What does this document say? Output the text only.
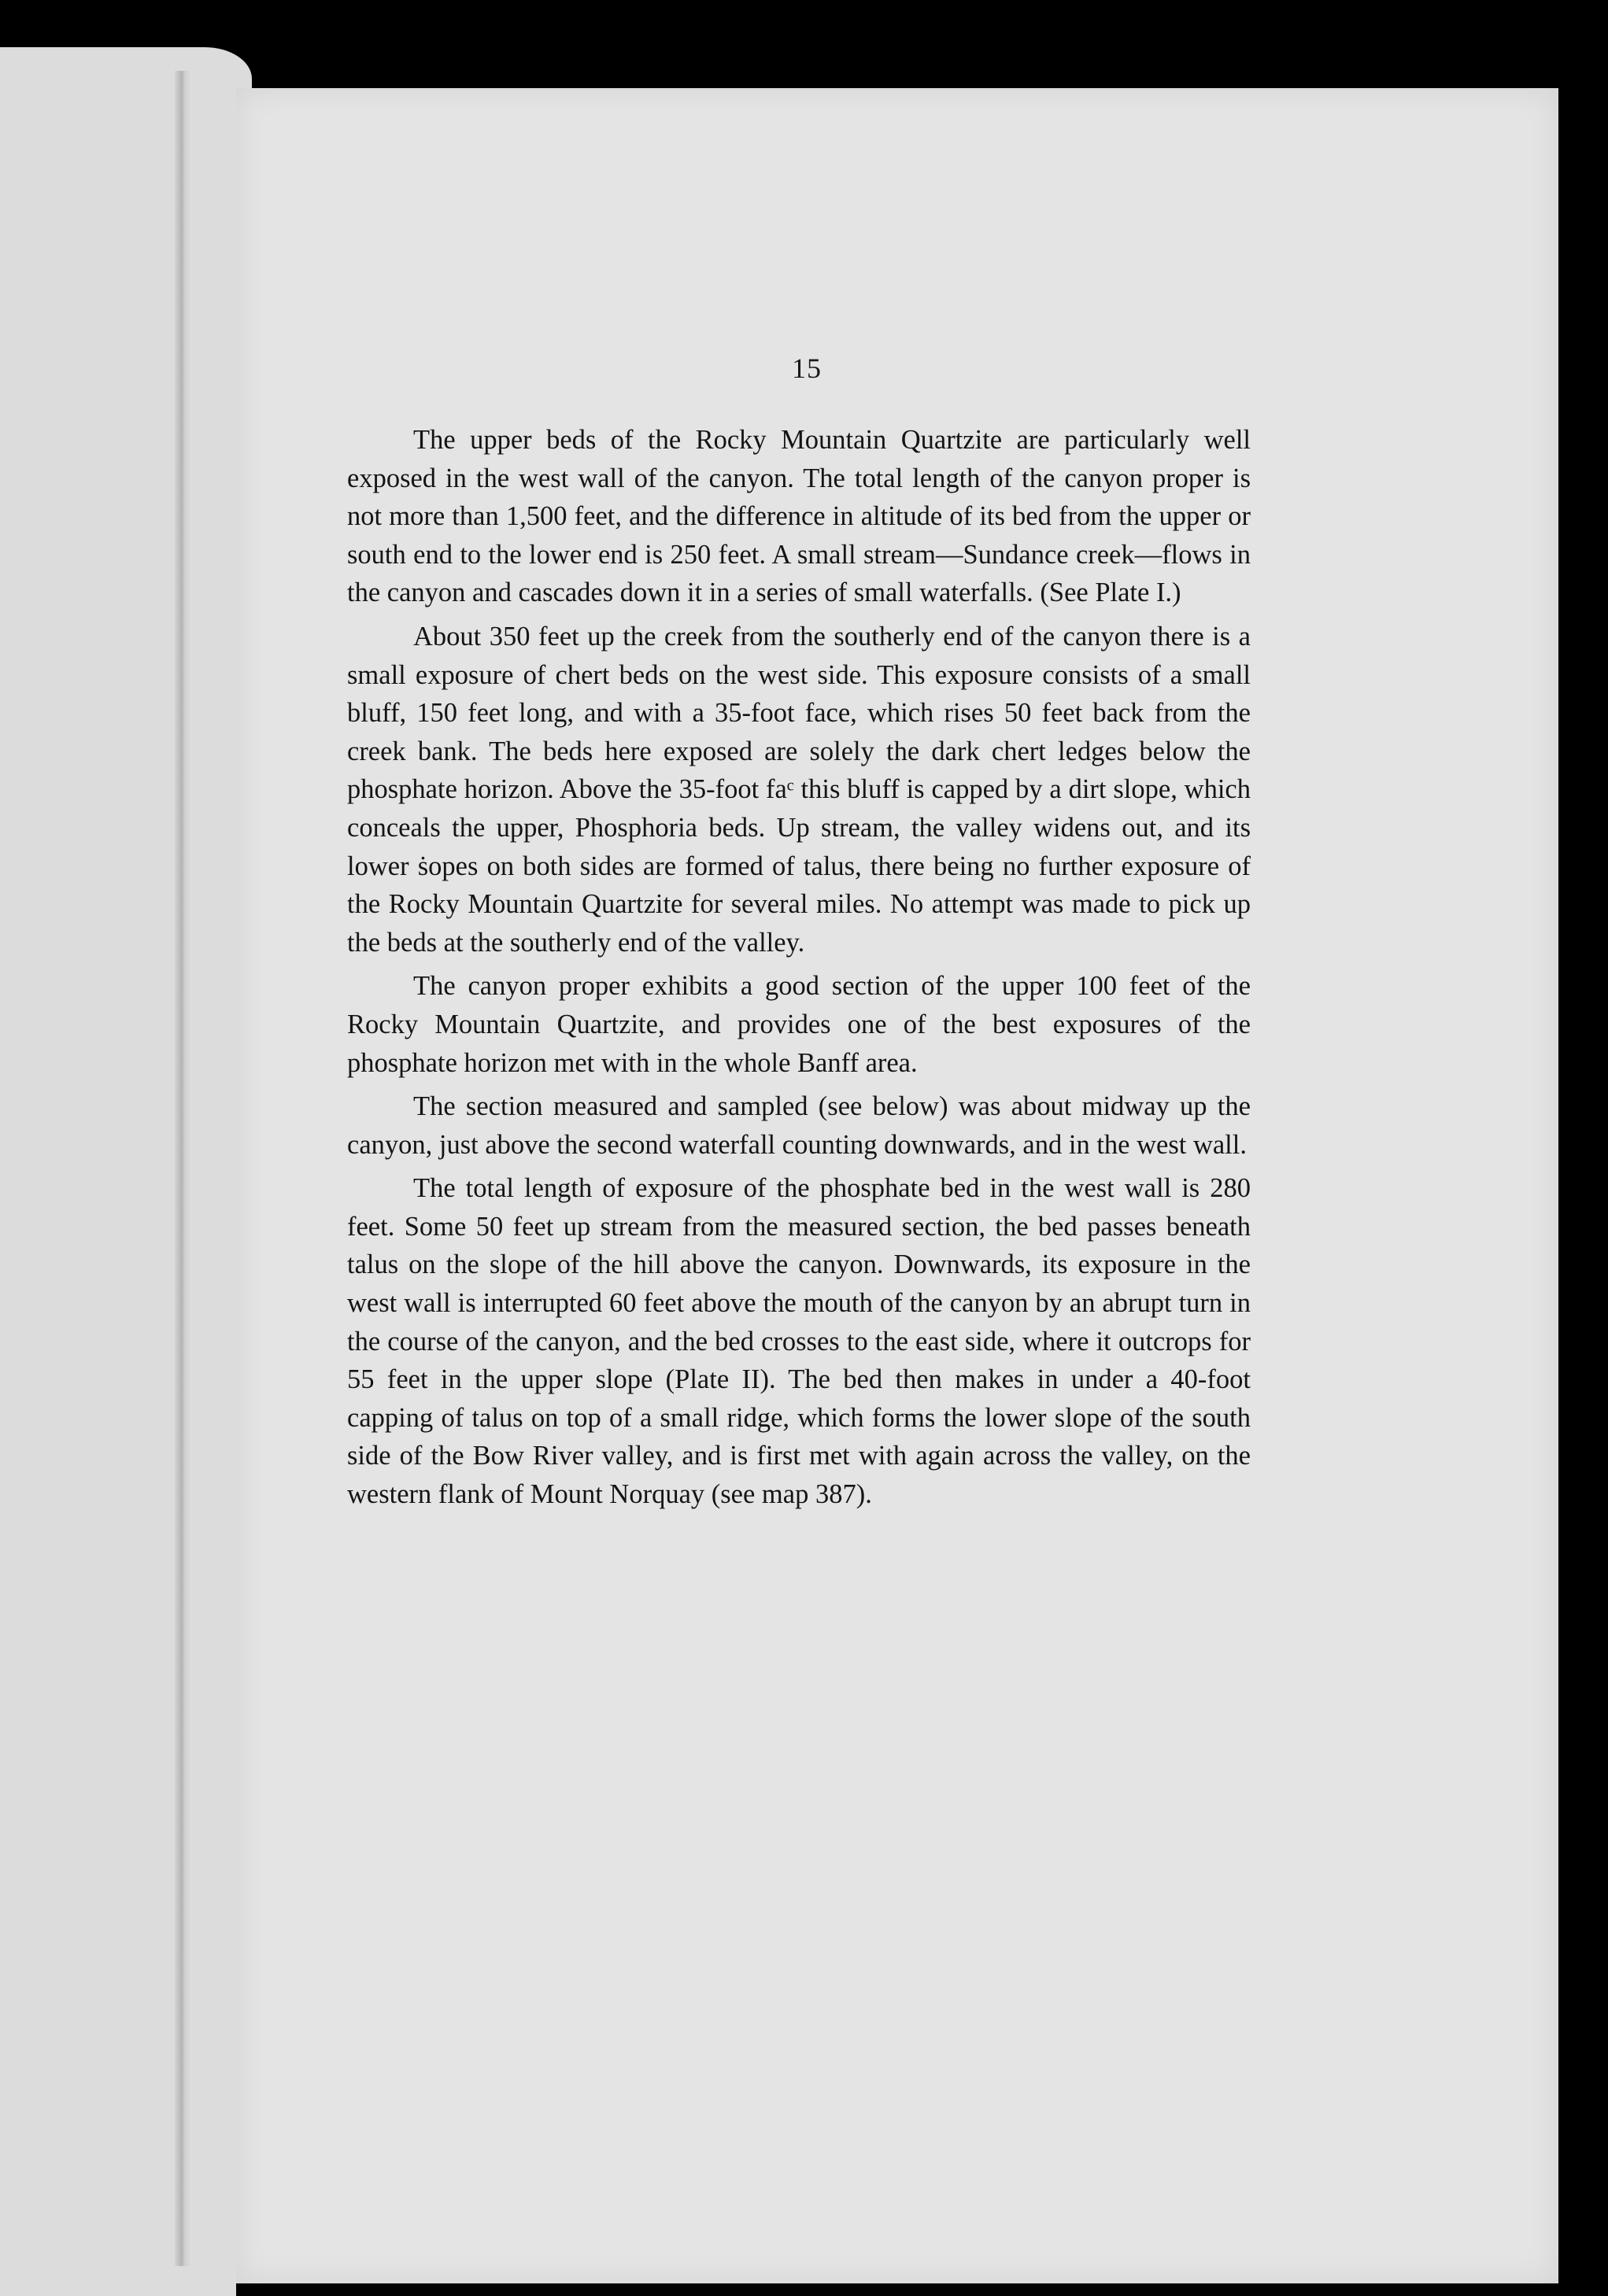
15

The upper beds of the Rocky Mountain Quartzite are particularly well exposed in the west wall of the canyon. The total length of the canyon proper is not more than 1,500 feet, and the difference in altitude of its bed from the upper or south end to the lower end is 250 feet. A small stream—Sundance creek—flows in the canyon and cascades down it in a series of small waterfalls. (See Plate I.)

About 350 feet up the creek from the southerly end of the canyon there is a small exposure of chert beds on the west side. This exposure consists of a small bluff, 150 feet long, and with a 35-foot face, which rises 50 feet back from the creek bank. The beds here exposed are solely the dark chert ledges below the phosphate horizon. Above the 35-foot faᶜ this bluff is capped by a dirt slope, which conceals the upper, Phosphoria beds. Up stream, the valley widens out, and its lower ṡopes on both sides are formed of talus, there being no further exposure of the Rocky Mountain Quartzite for several miles. No attempt was made to pick up the beds at the southerly end of the valley.

The canyon proper exhibits a good section of the upper 100 feet of the Rocky Mountain Quartzite, and provides one of the best exposures of the phosphate horizon met with in the whole Banff area.

The section measured and sampled (see below) was about midway up the canyon, just above the second waterfall counting downwards, and in the west wall.

The total length of exposure of the phosphate bed in the west wall is 280 feet. Some 50 feet up stream from the measured section, the bed passes beneath talus on the slope of the hill above the canyon. Downwards, its exposure in the west wall is interrupted 60 feet above the mouth of the canyon by an abrupt turn in the course of the canyon, and the bed crosses to the east side, where it outcrops for 55 feet in the upper slope (Plate II). The bed then makes in under a 40-foot capping of talus on top of a small ridge, which forms the lower slope of the south side of the Bow River valley, and is first met with again across the valley, on the western flank of Mount Norquay (see map 387).
